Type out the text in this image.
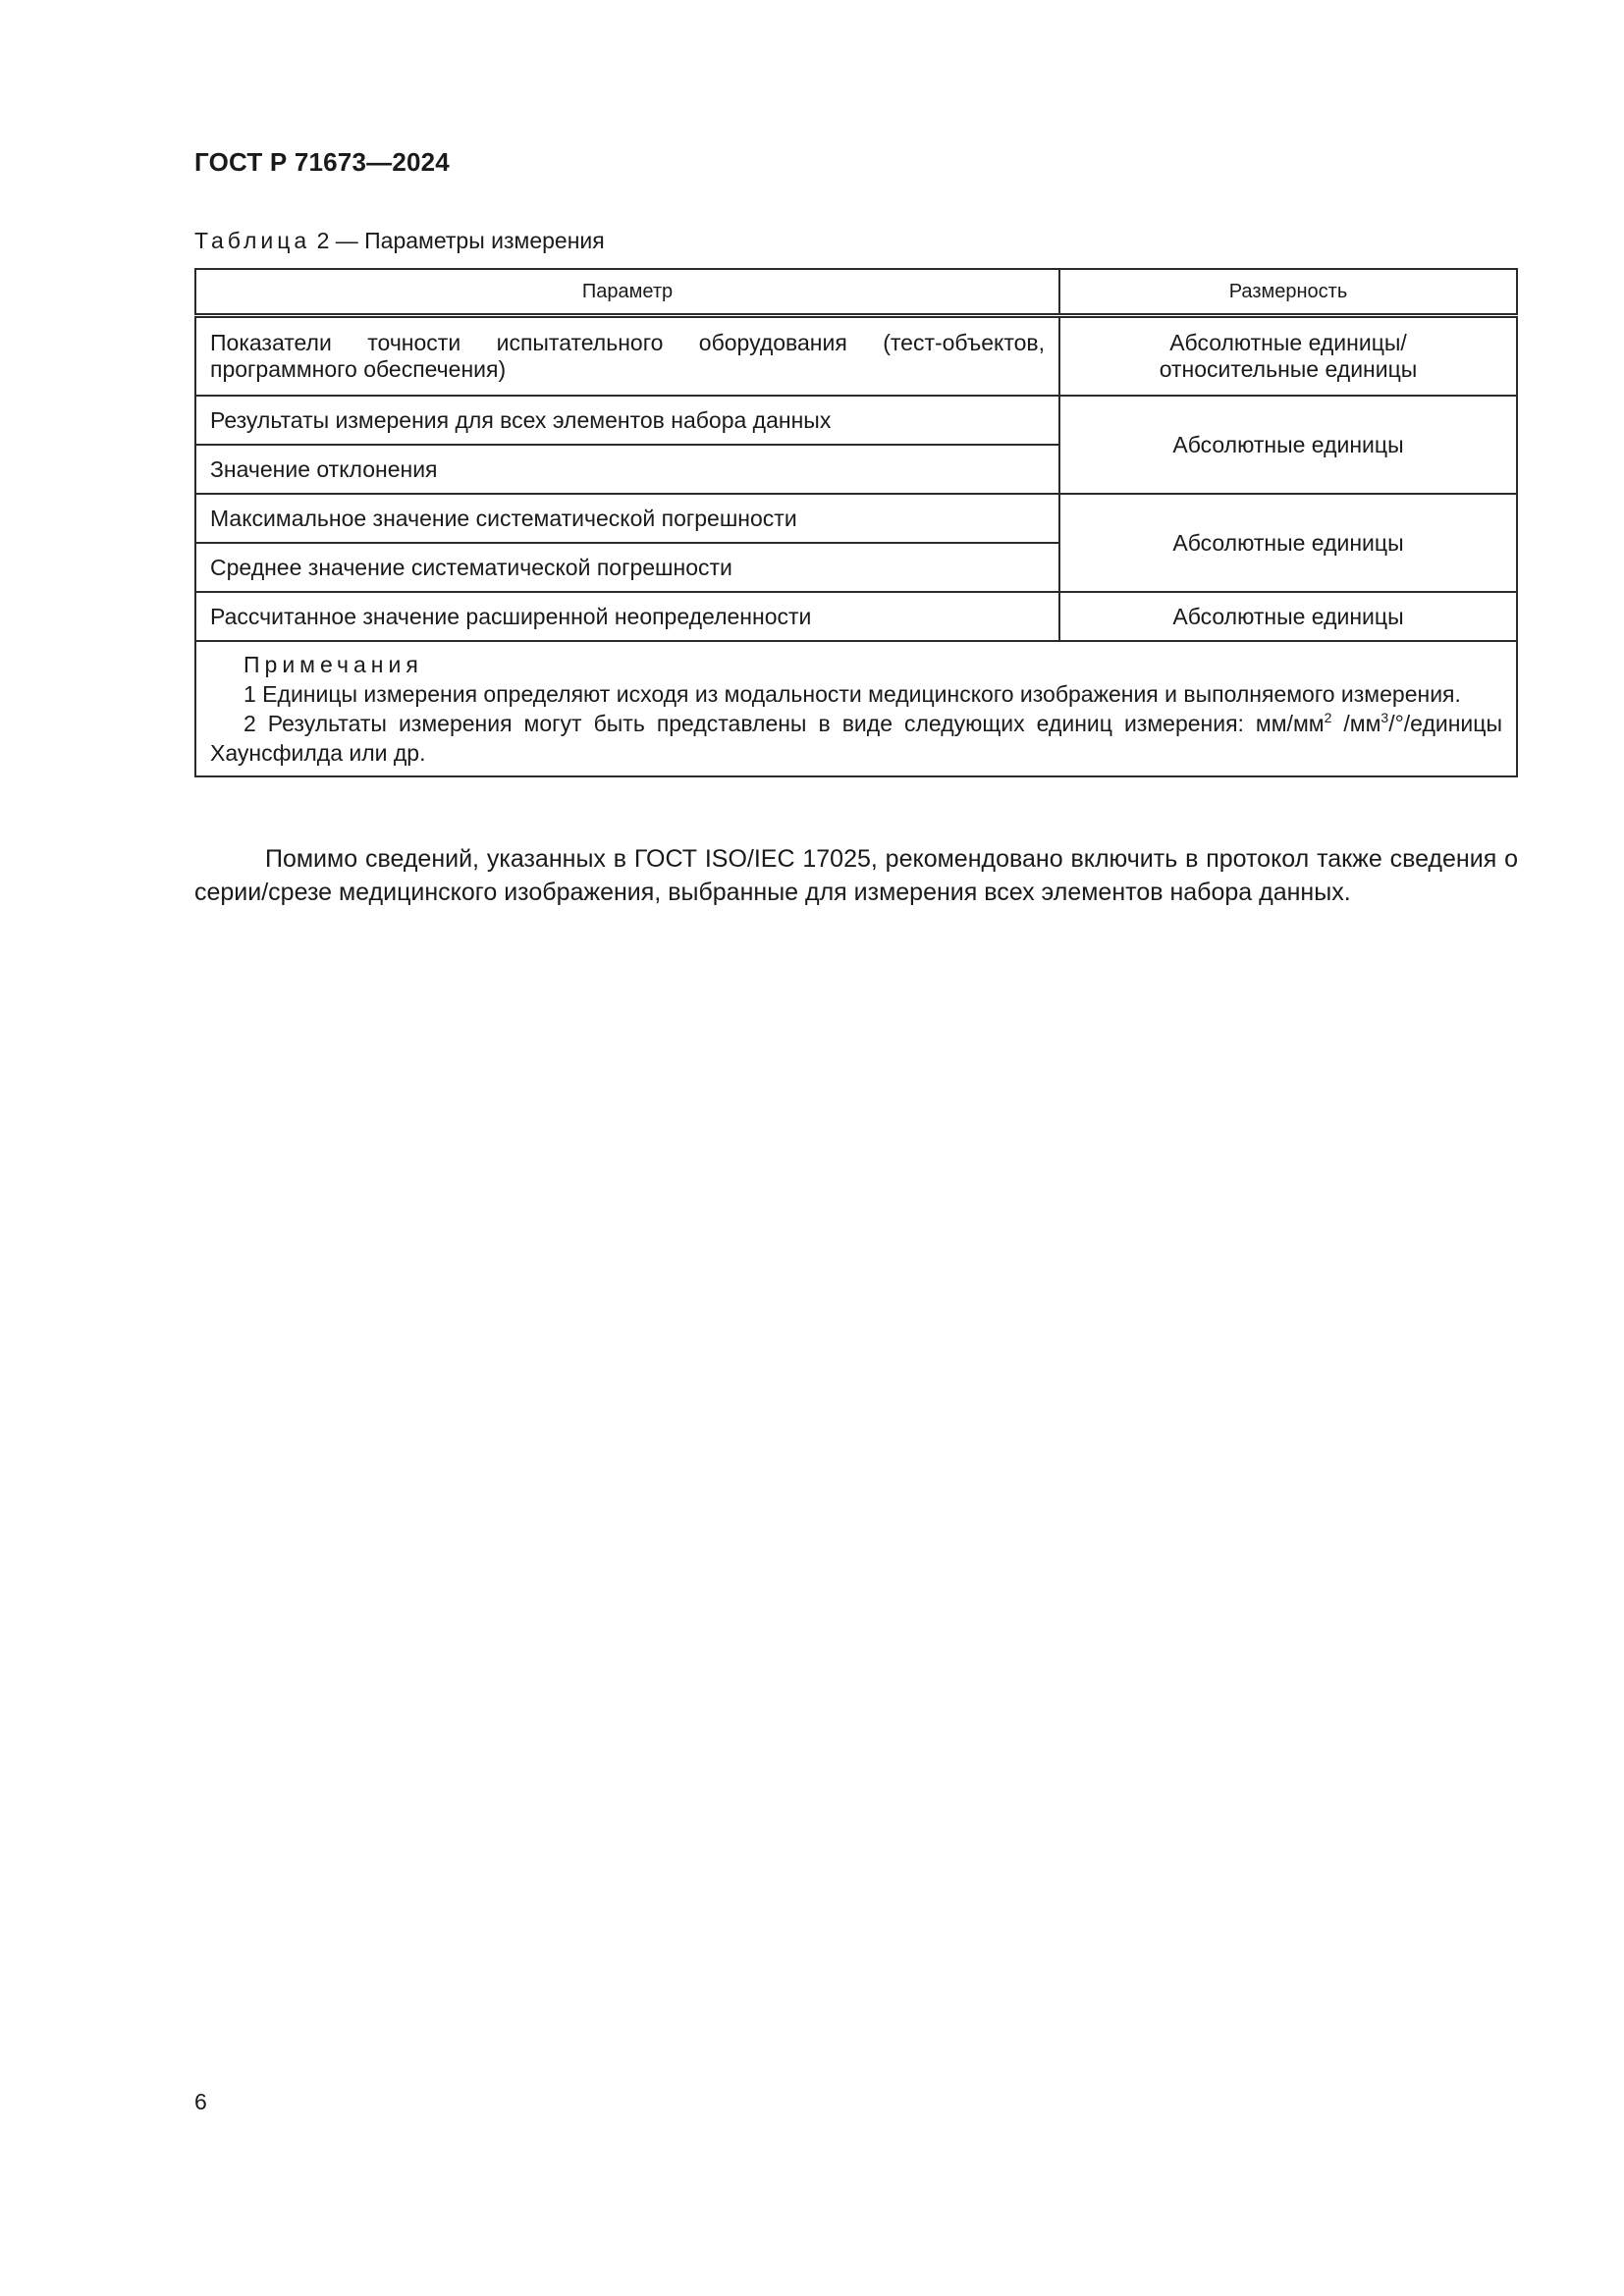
ГОСТ Р 71673—2024
Таблица 2 — Параметры измерения
Параметр	Размерность
Показатели точности испытательного оборудования (тест-объектов, программного обеспечения)	Абсолютные единицы/
относительные единицы
Результаты измерения для всех элементов набора данных	Абсолютные единицы
Значение отклонения	
Максимальное значение систематической погрешности	Абсолютные единицы
Среднее значение систематической погрешности	
Рассчитанное значение расширенной неопределенности	Абсолютные единицы

Примечания
1 Единицы измерения определяют исходя из модальности медицинского изображения и выполняемого измерения.
2 Результаты измерения могут быть представлены в виде следующих единиц измерения: $мм/мм^2$ $/мм^3/^\circ$/единицы Хаунсфилда или др.	
Помимо сведений, указанных в ГОСТ ISO/IEC 17025, рекомендовано включить в протокол также сведения о серии/срезе медицинского изображения, выбранные для измерения всех элементов набора данных.
6
